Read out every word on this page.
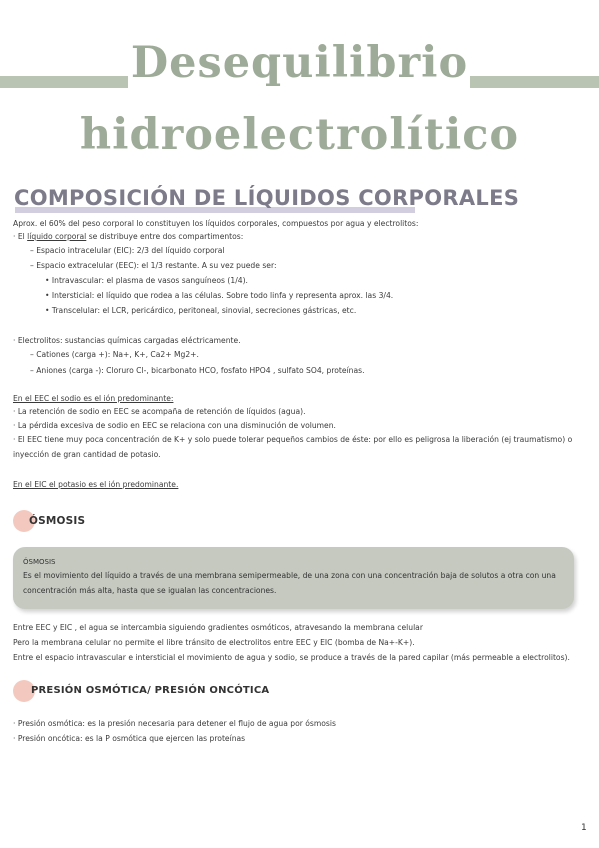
Desequilibrio
hidroelectrolítico
COMPOSICIÓN DE LÍQUIDOS CORPORALES
Aprox. el 60% del peso corporal lo constituyen los líquidos corporales, compuestos por agua y electrolitos:
· El líquido corporal se distribuye entre dos compartimentos:
– Espacio intracelular (EIC): 2/3 del líquido corporal
– Espacio extracelular (EEC): el 1/3 restante. A su vez puede ser:
• Intravascular: el plasma de vasos sanguíneos (1/4).
• Intersticial: el líquido que rodea a las células. Sobre todo linfa y representa aprox. las 3/4.
• Transcelular: el LCR, pericárdico, peritoneal, sinovial, secreciones gástricas, etc.
· Electrolitos: sustancias químicas cargadas eléctricamente.
– Cationes (carga +): Na+, K+, Ca2+ Mg2+.
– Aniones (carga -): Cloruro Cl-, bicarbonato HCO, fosfato HPO4 , sulfato SO4, proteínas.
En el EEC el sodio es el ión predominante:
· La retención de sodio en EEC se acompaña de retención de líquidos (agua).
· La pérdida excesiva de sodio en EEC se relaciona con una disminución de volumen.
· El EEC tiene muy poca concentración de K+ y solo puede tolerar pequeños cambios de éste: por ello es peligrosa la liberación (ej traumatismo) o
inyección de gran cantidad de potasio.
En el EIC el potasio es el ión predominante.
ÓSMOSIS
ÓSMOSIS
Es el movimiento del líquido a través de una membrana semipermeable, de una zona con una concentración baja de solutos a otra con una
concentración más alta, hasta que se igualan las concentraciones.
Entre EEC y EIC , el agua se intercambia siguiendo gradientes osmóticos, atravesando la membrana celular
Pero la membrana celular no permite el libre tránsito de electrolitos entre EEC y EIC (bomba de Na+-K+).
Entre el espacio intravascular e intersticial el movimiento de agua y sodio, se produce a través de la pared capilar (más permeable a electrolitos).
PRESIÓN OSMÓTICA/ PRESIÓN ONCÓTICA
· Presión osmótica: es la presión necesaria para detener el flujo de agua por ósmosis
· Presión oncótica: es la P osmótica que ejercen las proteínas
1
